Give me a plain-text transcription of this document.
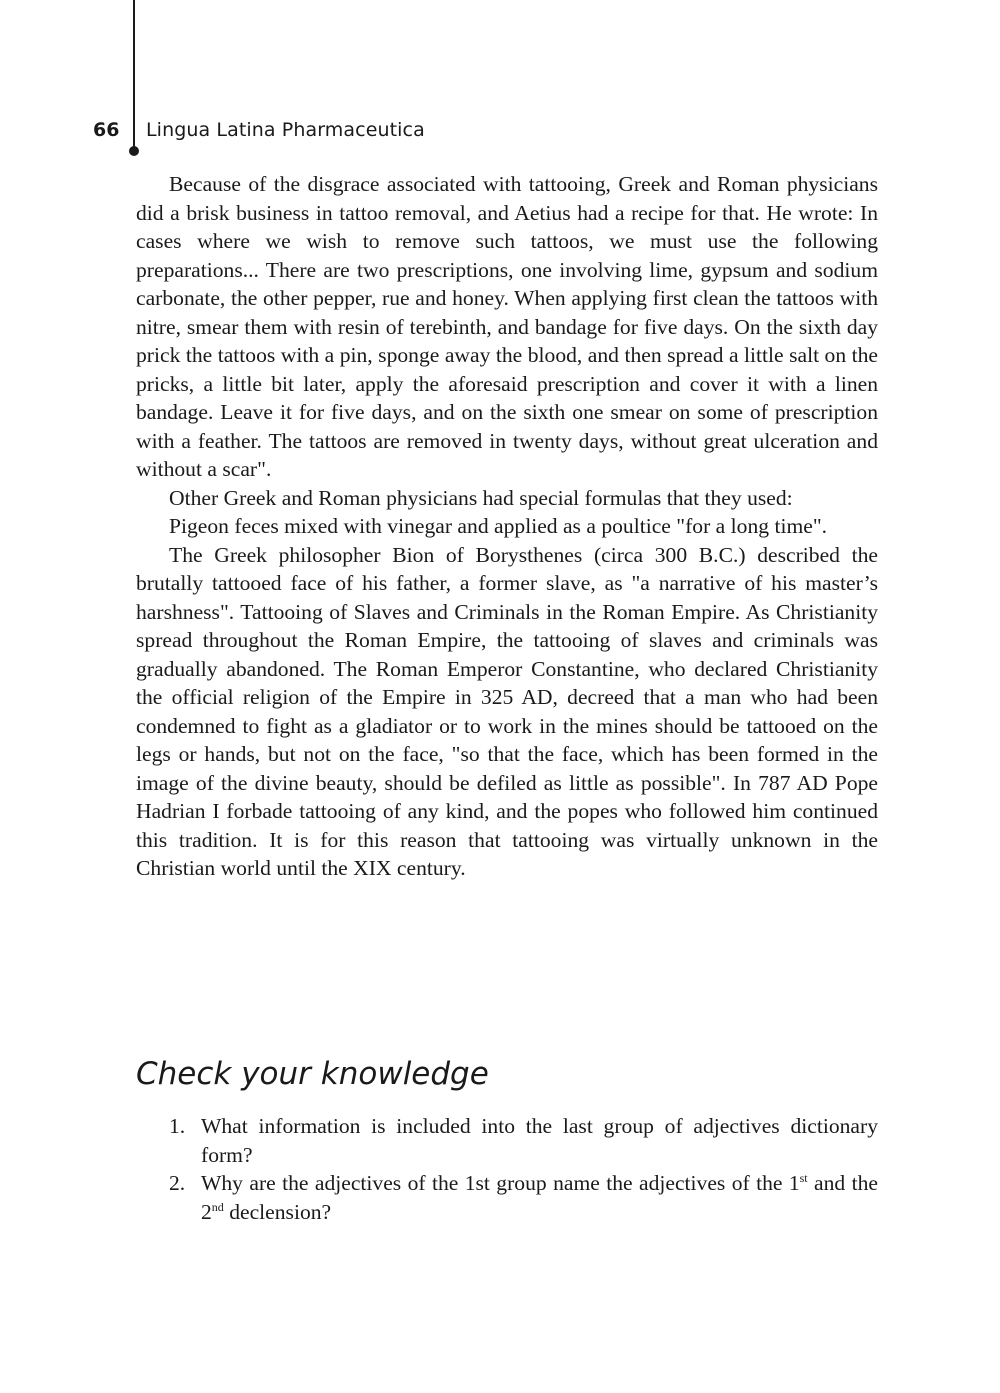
66 Lingua Latina Pharmaceutica

Because of the disgrace associated with tattooing, Greek and Roman physicians did a brisk business in tattoo removal, and Aetius had a recipe for that. He wrote: In cases where we wish to remove such tattoos, we must use the following preparations... There are two prescriptions, one involving lime, gypsum and sodium carbonate, the other pepper, rue and honey. When applying first clean the tattoos with nitre, smear them with resin of terebinth, and bandage for five days. On the sixth day prick the tattoos with a pin, sponge away the blood, and then spread a little salt on the pricks, a little bit later, apply the aforesaid prescription and cover it with a linen bandage. Leave it for five days, and on the sixth one smear on some of prescription with a feather. The tattoos are removed in twenty days, without great ulceration and without a scar".

Other Greek and Roman physicians had special formulas that they used:

Pigeon feces mixed with vinegar and applied as a poultice "for a long time".

The Greek philosopher Bion of Borysthenes (circa 300 B.C.) described the brutally tattooed face of his father, a former slave, as "a narrative of his master’s harshness". Tattooing of Slaves and Criminals in the Roman Empire. As Christianity spread throughout the Roman Empire, the tattooing of slaves and criminals was gradually abandoned. The Roman Emperor Constantine, who declared Christianity the official religion of the Empire in 325 AD, decreed that a man who had been condemned to fight as a gladiator or to work in the mines should be tattooed on the legs or hands, but not on the face, "so that the face, which has been formed in the image of the divine beauty, should be defiled as little as possible". In 787 AD Pope Hadrian I forbade tattooing of any kind, and the popes who followed him continued this tradition. It is for this reason that tattooing was virtually unknown in the Christian world until the XIX century.

Check your knowledge
1. What information is included into the last group of adjectives dictionary form?
2. Why are the adjectives of the 1st group name the adjectives of the 1st and the 2nd declension?
